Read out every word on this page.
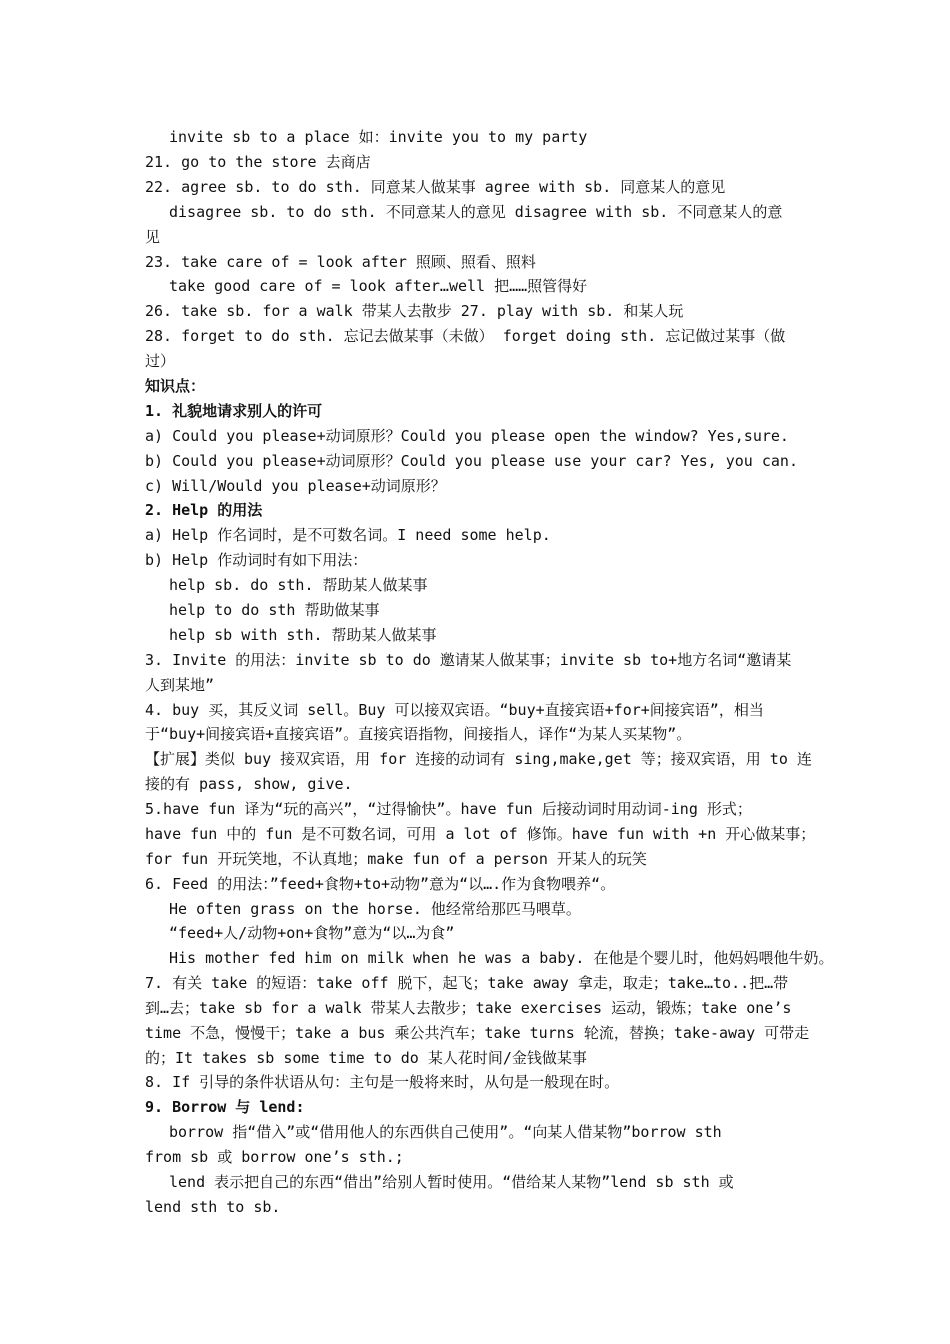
invite sb to a place 如：invite you to my party
21. go to the store 去商店
22. agree sb. to do sth. 同意某人做某事 agree with sb. 同意某人的意见
disagree sb. to do sth. 不同意某人的意见 disagree with sb. 不同意某人的意
见
23. take care of = look after 照顾、照看、照料
take good care of = look after…well 把……照管得好
26. take sb. for a walk 带某人去散步 27. play with sb. 和某人玩
28. forget to do sth. 忘记去做某事（未做） forget doing sth. 忘记做过某事（做
过）
知识点：
1. 礼貌地请求别人的许可
a) Could you please+动词原形？Could you please open the window? Yes,sure.
b) Could you please+动词原形？Could you please use your car? Yes, you can.
c) Will/Would you please+动词原形？
2. Help 的用法
a) Help 作名词时，是不可数名词。I need some help.
b) Help 作动词时有如下用法：
help sb. do sth. 帮助某人做某事
help to do sth 帮助做某事
help sb with sth. 帮助某人做某事
3. Invite 的用法：invite sb to do 邀请某人做某事；invite sb to+地方名词“邀请某
人到某地”
4. buy 买，其反义词 sell。Buy 可以接双宾语。“buy+直接宾语+for+间接宾语”，相当
于“buy+间接宾语+直接宾语”。直接宾语指物，间接指人，译作“为某人买某物”。
【扩展】类似 buy 接双宾语，用 for 连接的动词有 sing,make,get 等；接双宾语，用 to 连
接的有 pass, show, give.
5.have fun 译为“玩的高兴”，“过得愉快”。have fun 后接动词时用动词-ing 形式；
have fun 中的 fun 是不可数名词，可用 a lot of 修饰。have fun with +n 开心做某事；
for fun 开玩笑地，不认真地；make fun of a person 开某人的玩笑
6. Feed 的用法：”feed+食物+to+动物”意为“以….作为食物喂养“。
He often grass on the horse. 他经常给那匹马喂草。
“feed+人/动物+on+食物”意为“以…为食”
His mother fed him on milk when he was a baby. 在他是个婴儿时，他妈妈喂他牛奶。
7. 有关 take 的短语：take off 脱下，起飞；take away 拿走，取走；take…to..把…带
到…去；take sb for a walk 带某人去散步；take exercises 运动，锻炼；take one’s
time 不急，慢慢干；take a bus 乘公共汽车；take turns 轮流，替换；take-away 可带走
的；It takes sb some time to do 某人花时间/金钱做某事
8. If 引导的条件状语从句：主句是一般将来时，从句是一般现在时。
9. Borrow 与 lend:
borrow 指“借入”或“借用他人的东西供自己使用”。“向某人借某物”borrow sth
from sb 或 borrow one’s sth.;
lend 表示把自己的东西“借出”给别人暂时使用。“借给某人某物”lend sb sth 或
lend sth to sb.
